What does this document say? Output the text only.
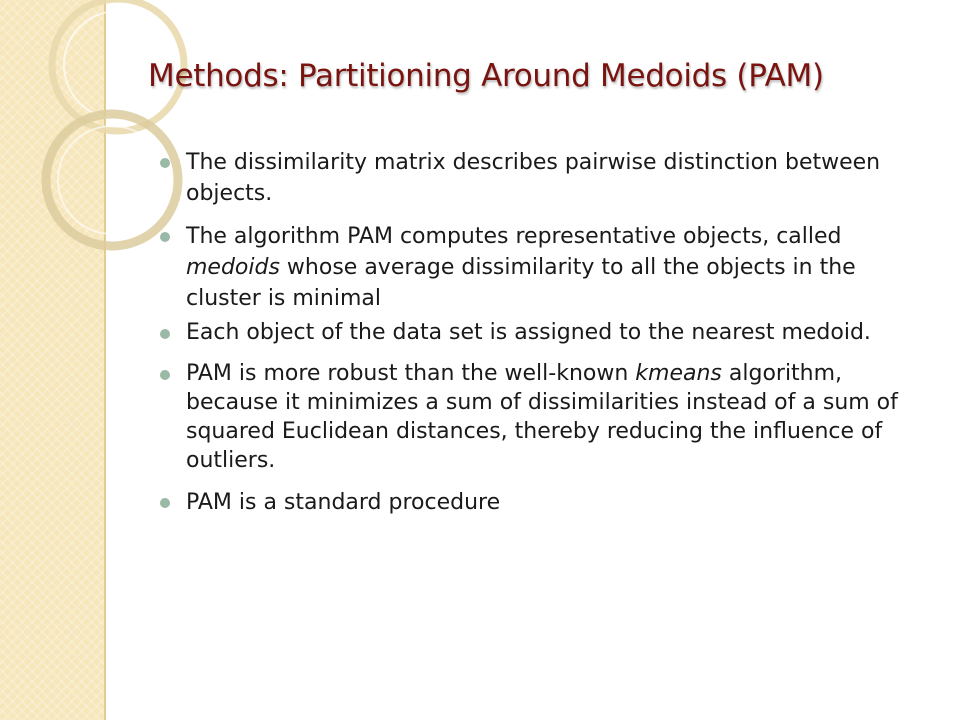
Methods: Partitioning Around Medoids (PAM)
The dissimilarity matrix describes pairwise distinction between objects.
The algorithm PAM computes representative objects, called medoids whose average dissimilarity to all the objects in the cluster is minimal
Each object of the data set is assigned to the nearest medoid.
PAM is more robust than the well-known kmeans algorithm, because it minimizes a sum of dissimilarities instead of a sum of squared Euclidean distances, thereby reducing the influence of outliers.
PAM is a standard procedure
